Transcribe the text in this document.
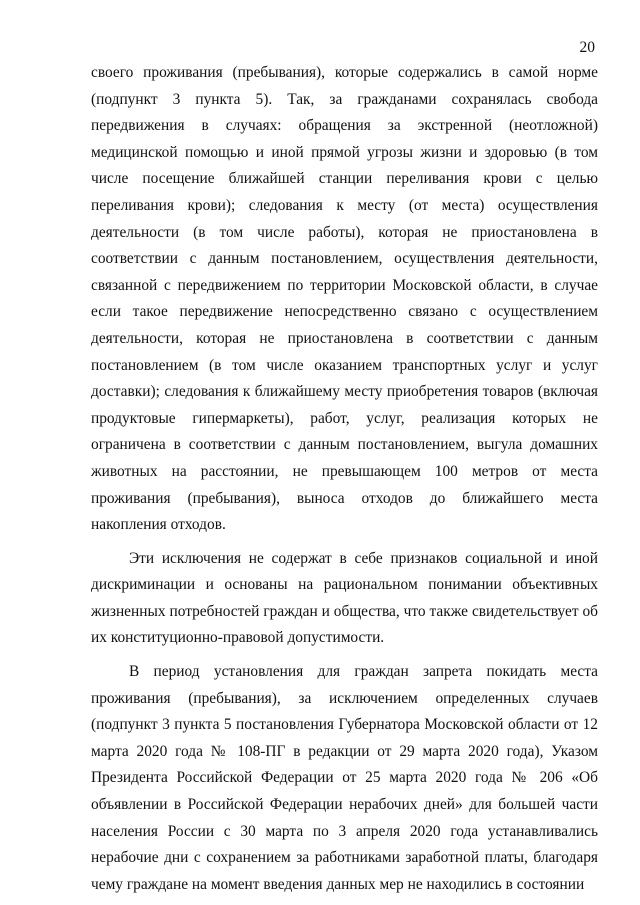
20

своего проживания (пребывания), которые содержались в самой норме (подпункт 3 пункта 5). Так, за гражданами сохранялась свобода передвижения в случаях: обращения за экстренной (неотложной) медицинской помощью и иной прямой угрозы жизни и здоровью (в том числе посещение ближайшей станции переливания крови с целью переливания крови); следования к месту (от места) осуществления деятельности (в том числе работы), которая не приостановлена в соответствии с данным постановлением, осуществления деятельности, связанной с передвижением по территории Московской области, в случае если такое передвижение непосредственно связано с осуществлением деятельности, которая не приостановлена в соответствии с данным постановлением (в том числе оказанием транспортных услуг и услуг доставки); следования к ближайшему месту приобретения товаров (включая продуктовые гипермаркеты), работ, услуг, реализация которых не ограничена в соответствии с данным постановлением, выгула домашних животных на расстоянии, не превышающем 100 метров от места проживания (пребывания), выноса отходов до ближайшего места накопления отходов.

Эти исключения не содержат в себе признаков социальной и иной дискриминации и основаны на рациональном понимании объективных жизненных потребностей граждан и общества, что также свидетельствует об их конституционно-правовой допустимости.

В период установления для граждан запрета покидать места проживания (пребывания), за исключением определенных случаев (подпункт 3 пункта 5 постановления Губернатора Московской области от 12 марта 2020 года № 108-ПГ в редакции от 29 марта 2020 года), Указом Президента Российской Федерации от 25 марта 2020 года № 206 «Об объявлении в Российской Федерации нерабочих дней» для большей части населения России с 30 марта по 3 апреля 2020 года устанавливались нерабочие дни с сохранением за работниками заработной платы, благодаря чему граждане на момент введения данных мер не находились в состоянии
